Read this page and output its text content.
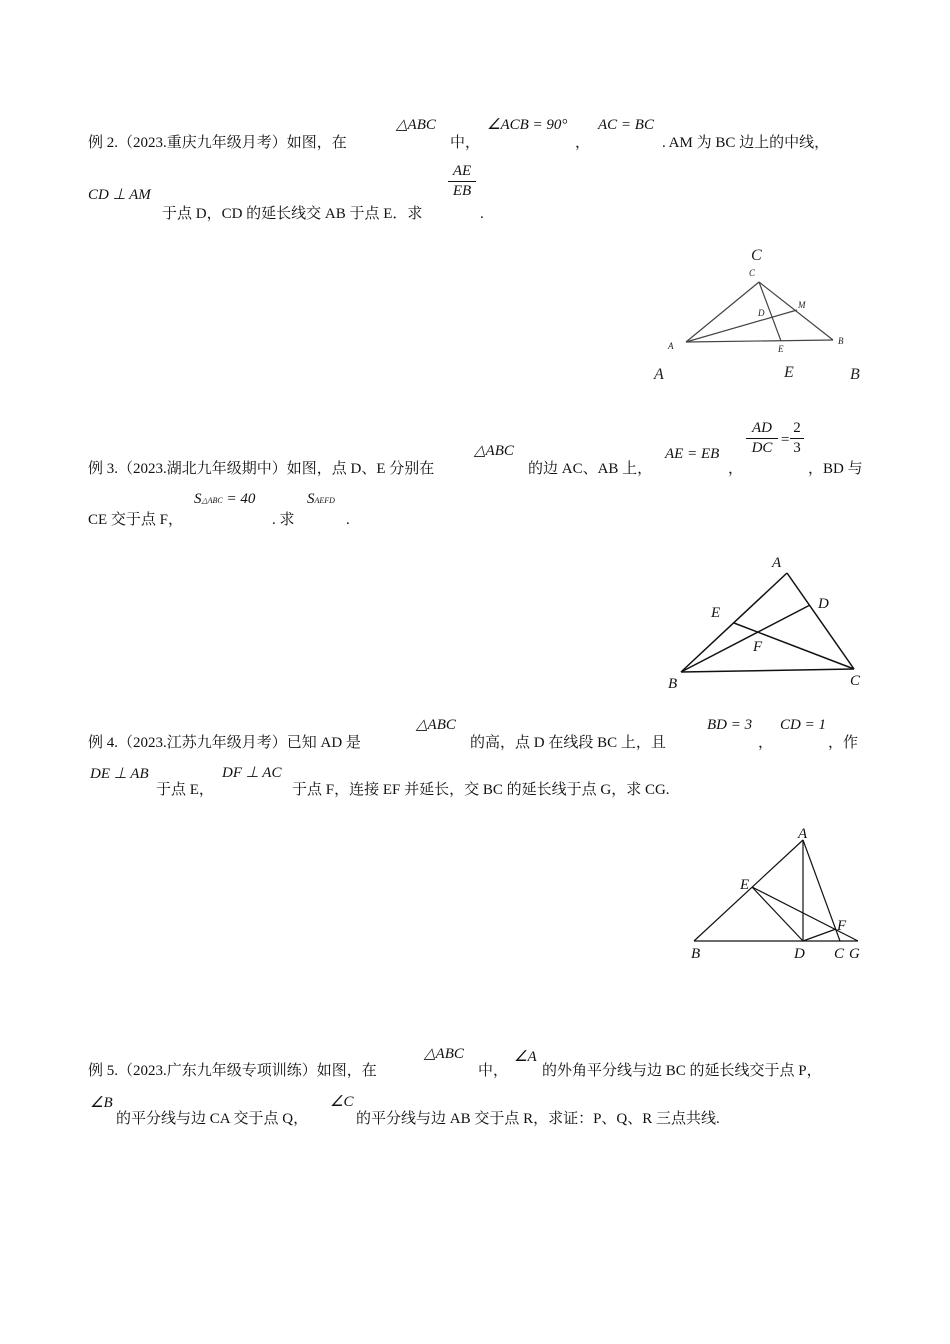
例 2.（2023.重庆九年级月考）如图，在
△ABC
中，
∠ACB = 90°
，
AC = BC
. AM 为 BC 边上的中线，
CD ⊥ AM
于点 D，CD 的延长线交 AB 于点 E．求
AE
EB
.
C
C
M
D
A	E
B
A	E	B
例 3.（2023.湖北九年级期中）如图，点 D、E 分别在
△ABC
的边 AC、AB 上，
AE = EB
，
AD
DC =
2
3
，BD 与
CE 交于点 F，
S△ABC = 40
. 求
SAEFD
.
A
E
D
F
B	C
例 4.（2023.江苏九年级月考）已知 AD 是
△ABC
的高，点 D 在线段 BC 上，且
BD = 3
，
CD = 1
，作
DE ⊥ AB
于点 E，
DF ⊥ AC
于点 F，连接 EF 并延长，交 BC 的延长线于点 G，求 CG.
A
E
F
B	D C G
例 5.（2023.广东九年级专项训练）如图，在
△ABC
中，
∠A
的外角平分线与边 BC 的延长线交于点 P，
∠B
的平分线与边 CA 交于点 Q，
∠C
的平分线与边 AB 交于点 R，求证：P、Q、R 三点共线.
